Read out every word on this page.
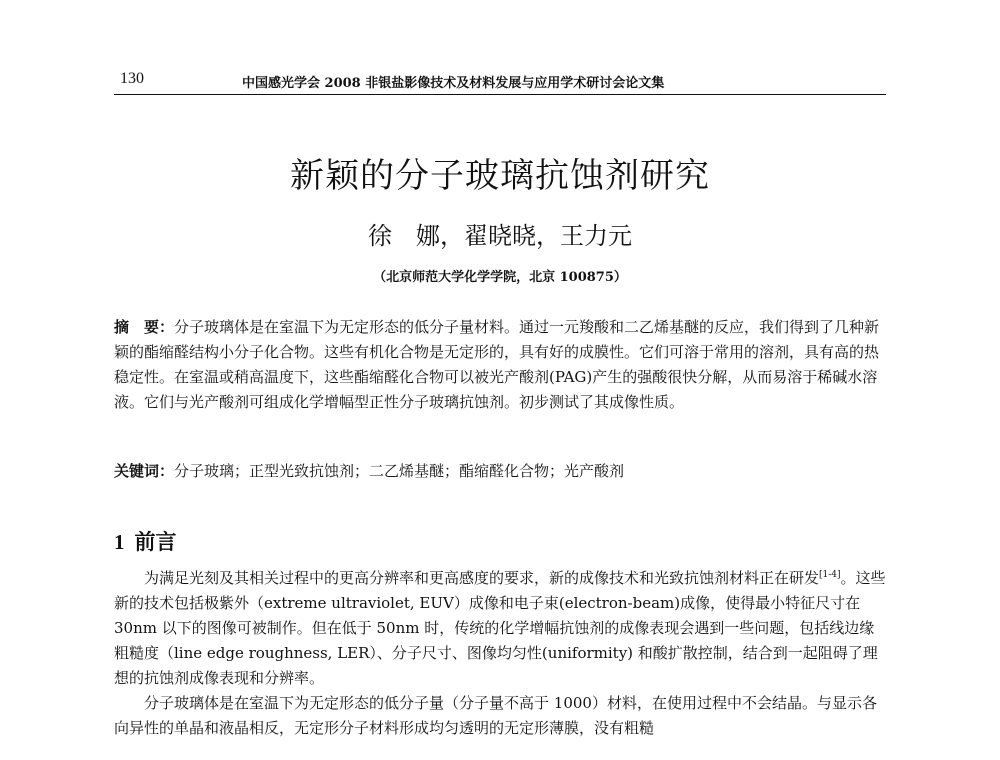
130	中国感光学会 2008 非银盐影像技术及材料发展与应用学术研讨会论文集
新颖的分子玻璃抗蚀剂研究
徐　娜，翟晓晓，王力元
（北京师范大学化学学院，北京 100875）
摘　要：分子玻璃体是在室温下为无定形态的低分子量材料。通过一元羧酸和二乙烯基醚的反应，我们得到了几种新颖的酯缩醛结构小分子化合物。这些有机化合物是无定形的，具有好的成膜性。它们可溶于常用的溶剂，具有高的热稳定性。在室温或稍高温度下，这些酯缩醛化合物可以被光产酸剂(PAG)产生的强酸很快分解，从而易溶于稀碱水溶液。它们与光产酸剂可组成化学增幅型正性分子玻璃抗蚀剂。初步测试了其成像性质。
关键词：分子玻璃；正型光致抗蚀剂；二乙烯基醚；酯缩醛化合物；光产酸剂
1 前言

为满足光刻及其相关过程中的更高分辨率和更高感度的要求，新的成像技术和光致抗蚀剂材料正在研发[1-4]。这些新的技术包括极紫外（extreme ultraviolet, EUV）成像和电子束(electron-beam)成像，使得最小特征尺寸在 30nm 以下的图像可被制作。但在低于 50nm 时，传统的化学增幅抗蚀剂的成像表现会遇到一些问题，包括线边缘粗糙度（line edge roughness, LER）、分子尺寸、图像均匀性(uniformity) 和酸扩散控制，结合到一起阻碍了理想的抗蚀剂成像表现和分辨率。

分子玻璃体是在室温下为无定形态的低分子量（分子量不高于 1000）材料，在使用过程中不会结晶。与显示各向异性的单晶和液晶相反，无定形分子材料形成均匀透明的无定形薄膜，没有粗糙
